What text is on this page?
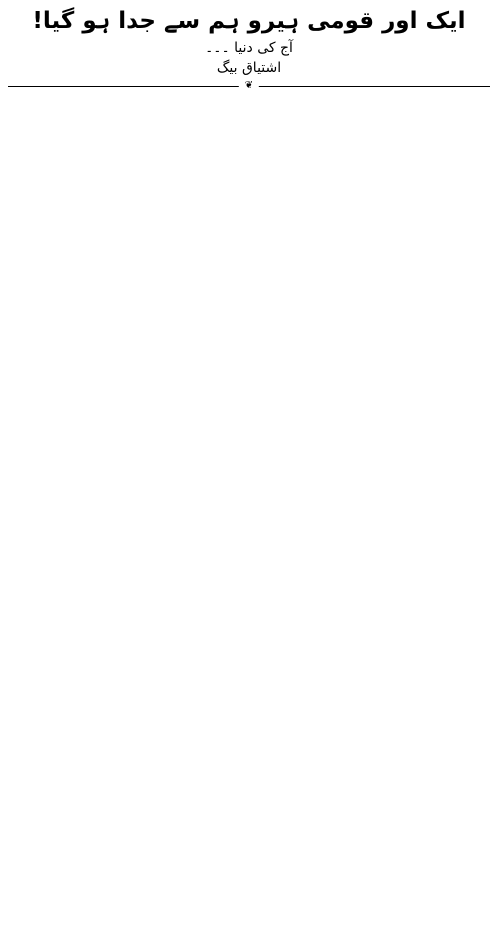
ایک اور قومی ہیرو ہم سے جدا ہو گیا!
آج کی دنیا ۔۔۔
اشتیاق بیگ
❦
